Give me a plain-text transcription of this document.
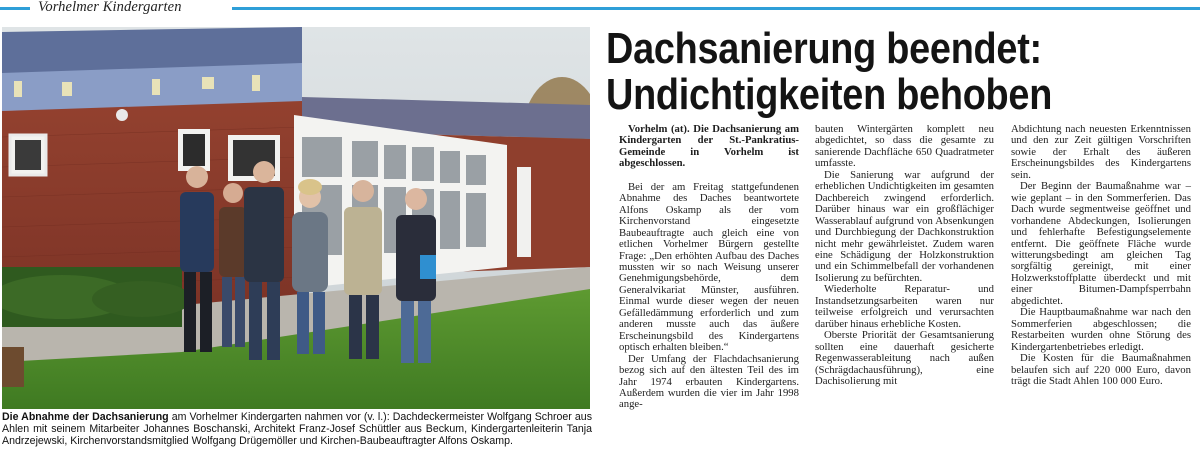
Vorhelmer Kindergarten
Die Abnahme der Dachsanierung am Vorhelmer Kindergarten nahmen vor (v. l.): Dachdeckermeister Wolfgang Schroer aus Ahlen mit seinem Mitarbeiter Johannes Boschanski, Architekt Franz-Josef Schüttler aus Beckum, Kindergartenleiterin Tanja Andrzejewski, Kirchenvorstandsmitglied Wolfgang Drügemöller und Kirchen-Baubeauftragter Alfons Oskamp.
Dachsanierung beendet:
Undichtigkeiten behoben

Vorhelm (at). Die Dachsanierung am Kindergarten der St.-Pankratius-Gemeinde in Vorhelm ist abgeschlossen.

Bei der am Freitag stattgefundenen Abnahme des Daches beantwortete Alfons Oskamp als der vom Kirchenvorstand eingesetzte Baubeauftragte auch gleich eine von etlichen Vorhelmer Bürgern gestellte Frage: „Den erhöhten Aufbau des Daches mussten wir so nach Weisung unserer Genehmigungsbehörde, dem Generalvikariat Münster, ausführen. Einmal wurde dieser wegen der neuen Gefälledämmung erforderlich und zum anderen musste auch das äußere Erscheinungsbild des Kindergartens optisch erhalten bleiben.“

Der Umfang der Flachdachsanierung bezog sich auf den ältesten Teil des im Jahr 1974 erbauten Kindergartens. Außerdem wurden die vier im Jahr 1998 ange-

bauten Wintergärten komplett neu abgedichtet, so dass die gesamte zu sanierende Dachfläche 650 Quadratmeter umfasste.

Die Sanierung war aufgrund der erheblichen Undichtigkeiten im gesamten Dachbereich zwingend erforderlich. Darüber hinaus war ein großflächiger Wasserablauf aufgrund von Absenkungen und Durchbiegung der Dachkonstruktion nicht mehr gewährleistet. Zudem waren eine Schädigung der Holzkonstruktion und ein Schimmelbefall der vorhandenen Isolierung zu befürchten.

Wiederholte Reparatur- und Instandsetzungsarbeiten waren nur teilweise erfolgreich und verursachten darüber hinaus erhebliche Kosten.

Oberste Priorität der Gesamtsanierung sollten eine dauerhaft gesicherte Regenwasserableitung nach außen (Schrägdachausführung), eine Dachisolierung mit

Abdichtung nach neuesten Erkenntnissen und den zur Zeit gültigen Vorschriften sowie der Erhalt des äußeren Erscheinungsbildes des Kindergartens sein.

Der Beginn der Baumaßnahme war – wie geplant – in den Sommerferien. Das Dach wurde segmentweise geöffnet und vorhandene Abdeckungen, Isolierungen und fehlerhafte Befestigungselemente entfernt. Die geöffnete Fläche wurde witterungsbedingt am gleichen Tag sorgfältig gereinigt, mit einer Holzwerkstoffplatte überdeckt und mit einer Bitumen-Dampfsperrbahn abgedichtet.

Die Hauptbaumaßnahme war nach den Sommerferien abgeschlossen; die Restarbeiten wurden ohne Störung des Kindergartenbetriebes erledigt.

Die Kosten für die Baumaßnahmen belaufen sich auf 220 000 Euro, davon trägt die Stadt Ahlen 100 000 Euro.
